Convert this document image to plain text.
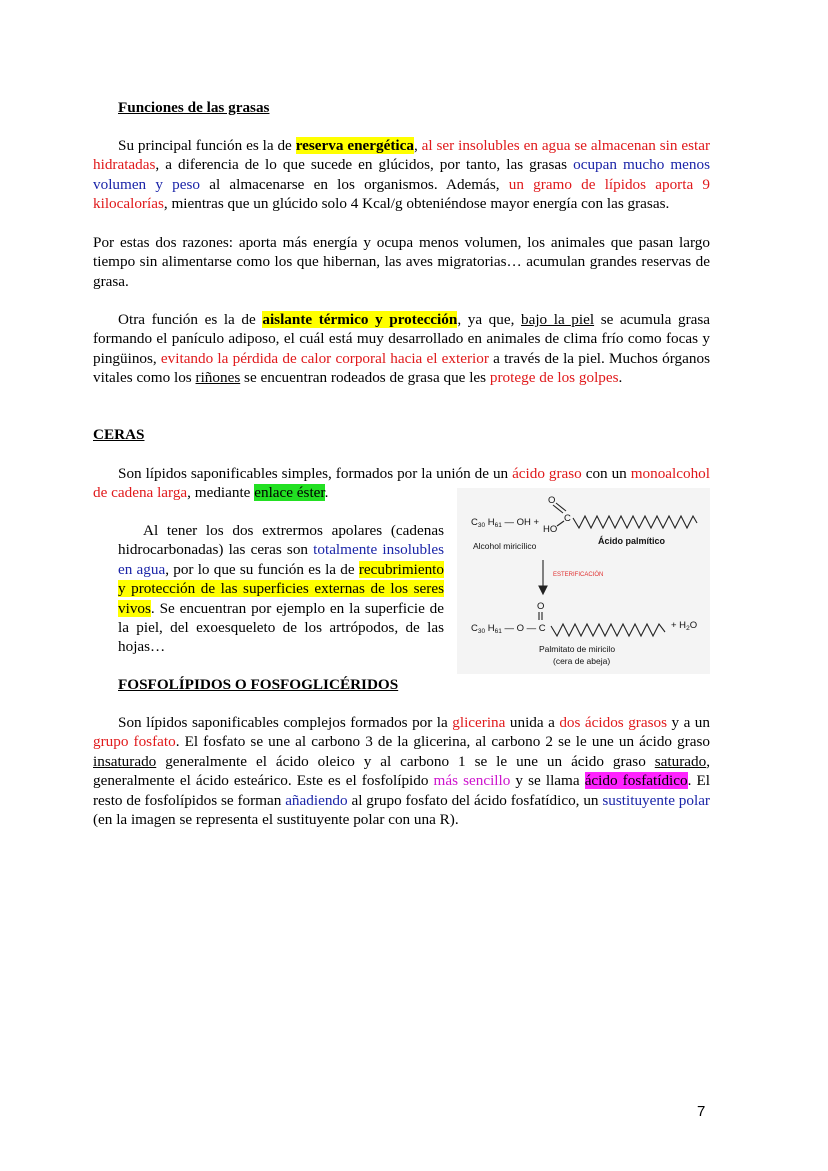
Funciones de las grasas

Su principal función es la de reserva energética, al ser insolubles en agua se almacenan sin estar hidratadas, a diferencia de lo que sucede en glúcidos, por tanto, las grasas ocupan mucho menos volumen y peso al almacenarse en los organismos. Además, un gramo de lípidos aporta 9 kilocalorías, mientras que un glúcido solo 4 Kcal/g obteniéndose mayor energía con las grasas.

Por estas dos razones: aporta más energía y ocupa menos volumen, los animales que pasan largo tiempo sin alimentarse como los que hibernan, las aves migratorias… acumulan grandes reservas de grasa.

Otra función es la de aislante térmico y protección, ya que, bajo la piel se acumula grasa formando el panículo adiposo, el cuál está muy desarrollado en animales de clima frío como focas y pingüinos, evitando la pérdida de calor corporal hacia el exterior a través de la piel. Muchos órganos vitales como los riñones se encuentran rodeados de grasa que les protege de los golpes.

CERAS

Son lípidos saponificables simples, formados por la unión de un ácido graso con un monoalcohol de cadena larga, mediante enlace éster.

Al tener los dos extrermos apolares (cadenas hidrocarbonadas) las ceras son totalmente insolubles en agua, por lo que su función es la de recubrimiento y protección de las superficies externas de los seres vivos. Se encuentran por ejemplo en la superficie de la piel, del exoesqueleto de los artrópodos, de las hojas…

$C_{30}$ $H_{61}$ — OH +
O
HO
C
Alcohol miricílico	Ácido palmítico
ESTERIFICACIÓN
$C_{30}$ $H_{61}$ — O — C
O
+ $H_2O$
Palmitato de miricilo
(cera de abeja)
FOSFOLÍPIDOS O FOSFOGLICÉRIDOS

Son lípidos saponificables complejos formados por la glicerina unida a dos ácidos grasos y a un grupo fosfato. El fosfato se une al carbono 3 de la glicerina, al carbono 2 se le une un ácido graso insaturado generalmente el ácido oleico y al carbono 1 se le une un ácido graso saturado, generalmente el ácido esteárico. Este es el fosfolípido más sencillo y se llama ácido fosfatídico. El resto de fosfolípidos se forman añadiendo al grupo fosfato del ácido fosfatídico, un sustituyente polar (en la imagen se representa el sustituyente polar con una R).

7
